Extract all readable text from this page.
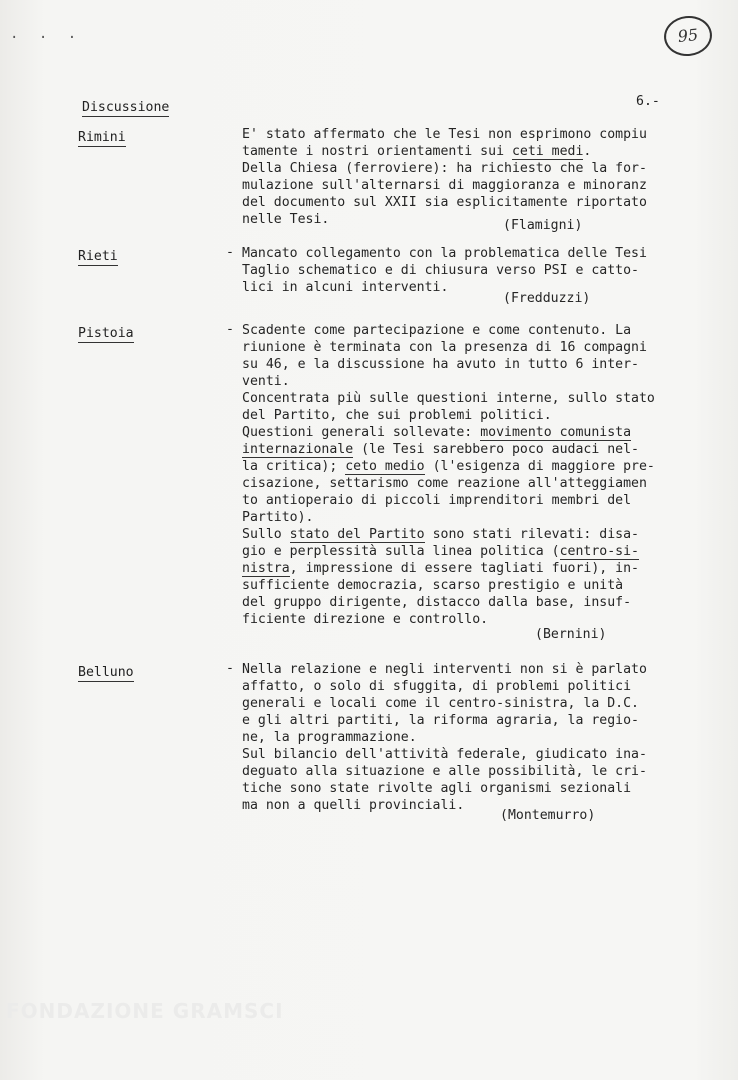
. . .	95
Discussione	6.-
Rimini	E' stato affermato che le Tesi non esprimono compiu
tamente i nostri orientamenti sui ceti medi.
Della Chiesa (ferroviere): ha richiesto che la for-
mulazione sull'alternarsi di maggioranza e minoranz
del documento sul XXII sia esplicitamente riportato
nelle Tesi.	(Flamigni)
Rieti	- Mancato collegamento con la problematica delle Tesi
Taglio schematico e di chiusura verso PSI e catto-
lici in alcuni interventi.
(Fredduzzi)
Pistoia	- Scadente come partecipazione e come contenuto. La
riunione è terminata con la presenza di 16 compagni
su 46, e la discussione ha avuto in tutto 6 inter-
venti.
Concentrata più sulle questioni interne, sullo stato
del Partito, che sui problemi politici.
Questioni generali sollevate: movimento comunista
internazionale (le Tesi sarebbero poco audaci nel-
la critica); ceto medio (l'esigenza di maggiore pre-
cisazione, settarismo come reazione all'atteggiamen
to antioperaio di piccoli imprenditori membri del
Partito).
Sullo stato del Partito sono stati rilevati: disa-
gio e perplessità sulla linea politica (centro-si-
nistra, impressione di essere tagliati fuori), in-
sufficiente democrazia, scarso prestigio e unità
del gruppo dirigente, distacco dalla base, insuf-
ficiente direzione e controllo.
(Bernini)
Belluno	- Nella relazione e negli interventi non si è parlato
affatto, o solo di sfuggita, di problemi politici
generali e locali come il centro-sinistra, la D.C.
e gli altri partiti, la riforma agraria, la regio-
ne, la programmazione.
Sul bilancio dell'attività federale, giudicato ina-
deguato alla situazione e alle possibilità, le cri-
tiche sono state rivolte agli organismi sezionali
ma non a quelli provinciali.
(Montemurro)
FONDAZIONE GRAMSCI
